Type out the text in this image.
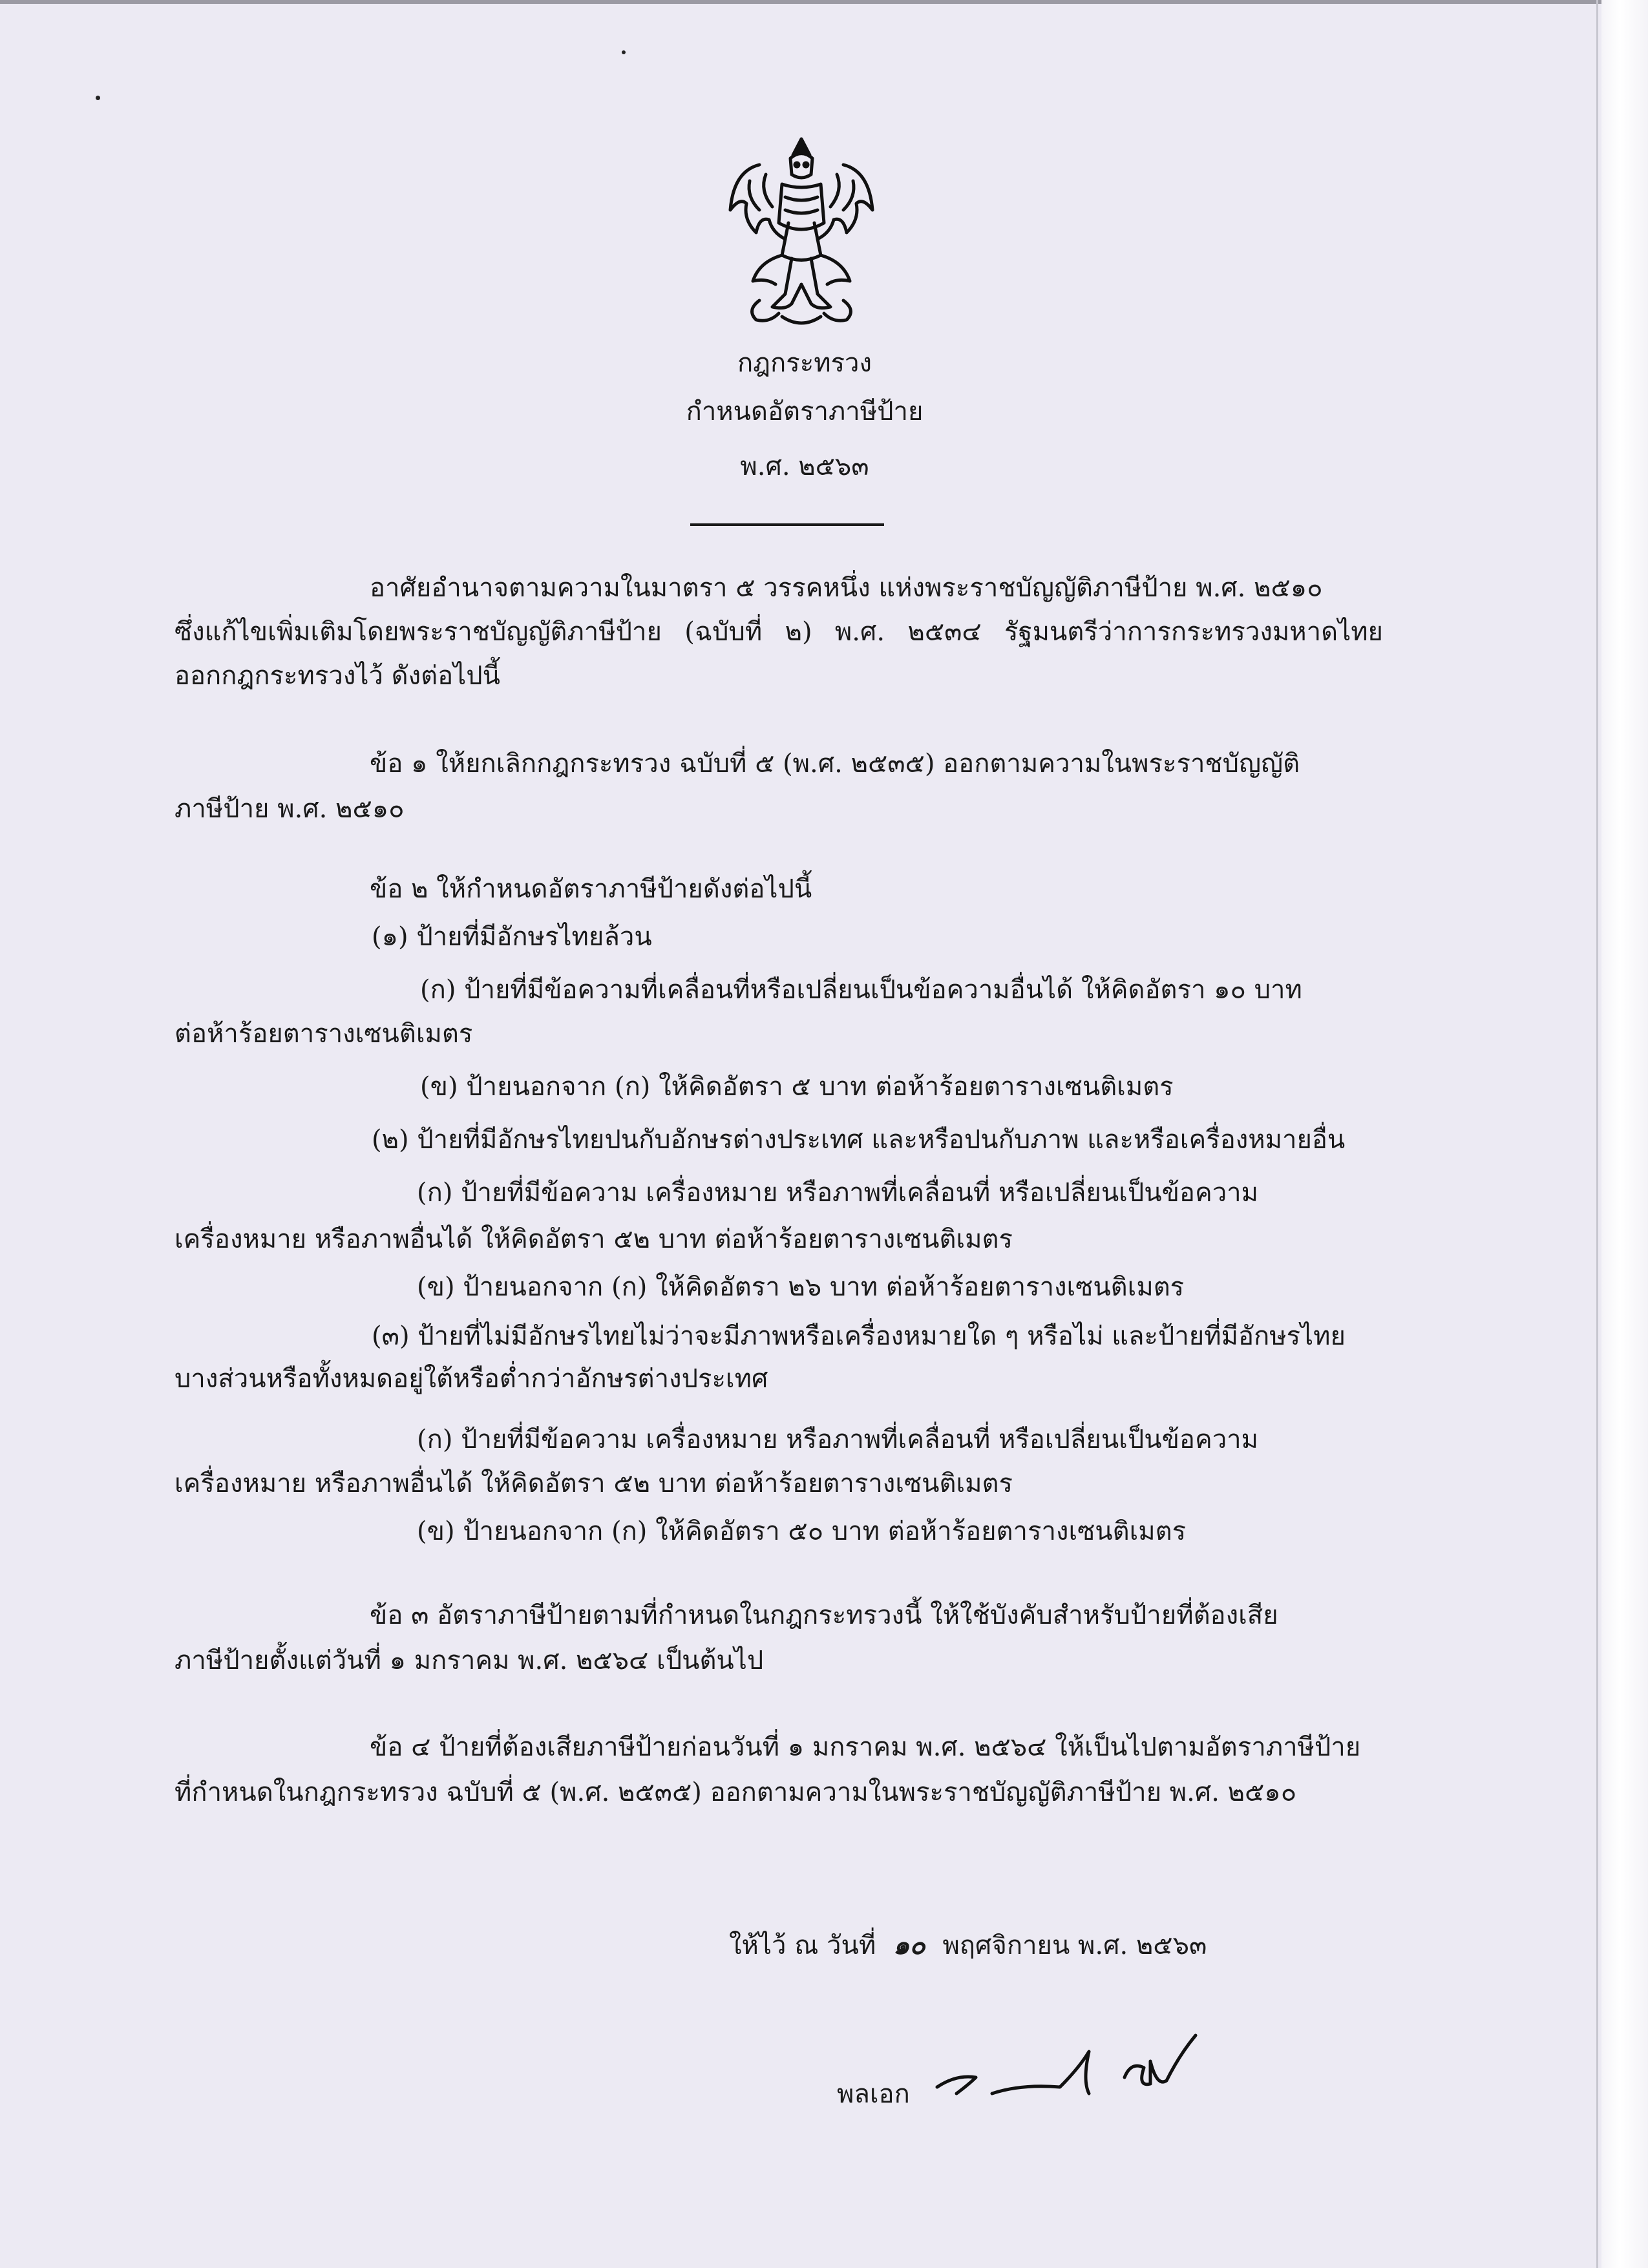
กฎกระทรวง
กำหนดอัตราภาษีป้าย
พ.ศ. ๒๕๖๓
อาศัยอำนาจตามความในมาตรา ๕ วรรคหนึ่ง แห่งพระราชบัญญัติภาษีป้าย พ.ศ. ๒๕๑๐
ซึ่งแก้ไขเพิ่มเติมโดยพระราชบัญญัติภาษีป้าย (ฉบับที่ ๒) พ.ศ. ๒๕๓๔ รัฐมนตรีว่าการกระทรวงมหาดไทย
ออกกฎกระทรวงไว้ ดังต่อไปนี้
ข้อ ๑ ให้ยกเลิกกฎกระทรวง ฉบับที่ ๕ (พ.ศ. ๒๕๓๕) ออกตามความในพระราชบัญญัติ
ภาษีป้าย พ.ศ. ๒๕๑๐
ข้อ ๒ ให้กำหนดอัตราภาษีป้ายดังต่อไปนี้
(๑) ป้ายที่มีอักษรไทยล้วน
(ก) ป้ายที่มีข้อความที่เคลื่อนที่หรือเปลี่ยนเป็นข้อความอื่นได้ ให้คิดอัตรา ๑๐ บาท
ต่อห้าร้อยตารางเซนติเมตร
(ข) ป้ายนอกจาก (ก) ให้คิดอัตรา ๕ บาท ต่อห้าร้อยตารางเซนติเมตร
(๒) ป้ายที่มีอักษรไทยปนกับอักษรต่างประเทศ และหรือปนกับภาพ และหรือเครื่องหมายอื่น
(ก) ป้ายที่มีข้อความ เครื่องหมาย หรือภาพที่เคลื่อนที่ หรือเปลี่ยนเป็นข้อความ
เครื่องหมาย หรือภาพอื่นได้ ให้คิดอัตรา ๕๒ บาท ต่อห้าร้อยตารางเซนติเมตร
(ข) ป้ายนอกจาก (ก) ให้คิดอัตรา ๒๖ บาท ต่อห้าร้อยตารางเซนติเมตร
(๓) ป้ายที่ไม่มีอักษรไทยไม่ว่าจะมีภาพหรือเครื่องหมายใด ๆ หรือไม่ และป้ายที่มีอักษรไทย
บางส่วนหรือทั้งหมดอยู่ใต้หรือต่ำกว่าอักษรต่างประเทศ
(ก) ป้ายที่มีข้อความ เครื่องหมาย หรือภาพที่เคลื่อนที่ หรือเปลี่ยนเป็นข้อความ
เครื่องหมาย หรือภาพอื่นได้ ให้คิดอัตรา ๕๒ บาท ต่อห้าร้อยตารางเซนติเมตร
(ข) ป้ายนอกจาก (ก) ให้คิดอัตรา ๕๐ บาท ต่อห้าร้อยตารางเซนติเมตร
ข้อ ๓ อัตราภาษีป้ายตามที่กำหนดในกฎกระทรวงนี้ ให้ใช้บังคับสำหรับป้ายที่ต้องเสีย
ภาษีป้ายตั้งแต่วันที่ ๑ มกราคม พ.ศ. ๒๕๖๔ เป็นต้นไป
ข้อ ๔ ป้ายที่ต้องเสียภาษีป้ายก่อนวันที่ ๑ มกราคม พ.ศ. ๒๕๖๔ ให้เป็นไปตามอัตราภาษีป้าย
ที่กำหนดในกฎกระทรวง ฉบับที่ ๕ (พ.ศ. ๒๕๓๕) ออกตามความในพระราชบัญญัติภาษีป้าย พ.ศ. ๒๕๑๐
ให้ไว้ ณ วันที่ ๑๐ พฤศจิกายน พ.ศ. ๒๕๖๓
พลเอก
